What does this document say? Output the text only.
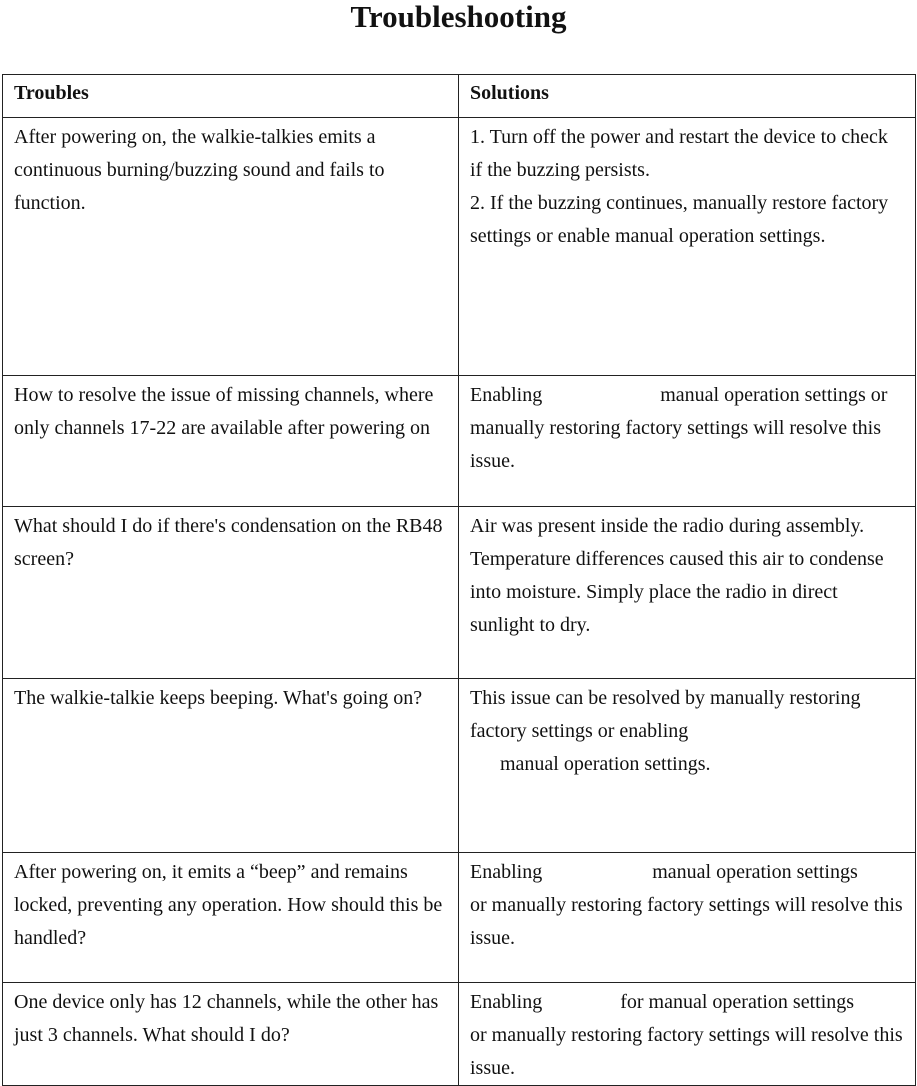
Troubleshooting
Troubles	Solutions
After powering on, the walkie-talkies emits a continuous burning/buzzing sound and fails to function.	1. Turn off the power and restart the device to check if the buzzing persists.
2. If the buzzing continues, manually restore factory settings or enable manual operation settings.

How to resolve the issue of missing channels, where only channels 17-22 are available after powering on	Enabling manual operation settings or manually restoring factory settings will resolve this issue.
What should I do if there's condensation on the RB48 screen?	Air was present inside the radio during assembly. Temperature differences caused this air to condense into moisture. Simply place the radio in direct sunlight to dry.
The walkie-talkie keeps beeping. What's going on?	This issue can be resolved by manually restoring factory settings or enabling
manual operation settings.

After powering on, it emits a “beep” and remains locked, preventing any operation. How should this be handled?	Enabling manual operation settings
or manually restoring factory settings will resolve this issue.

One device only has 12 channels, while the other has just 3 channels. What should I do?	Enabling for manual operation settings
or manually restoring factory settings will resolve this issue.
